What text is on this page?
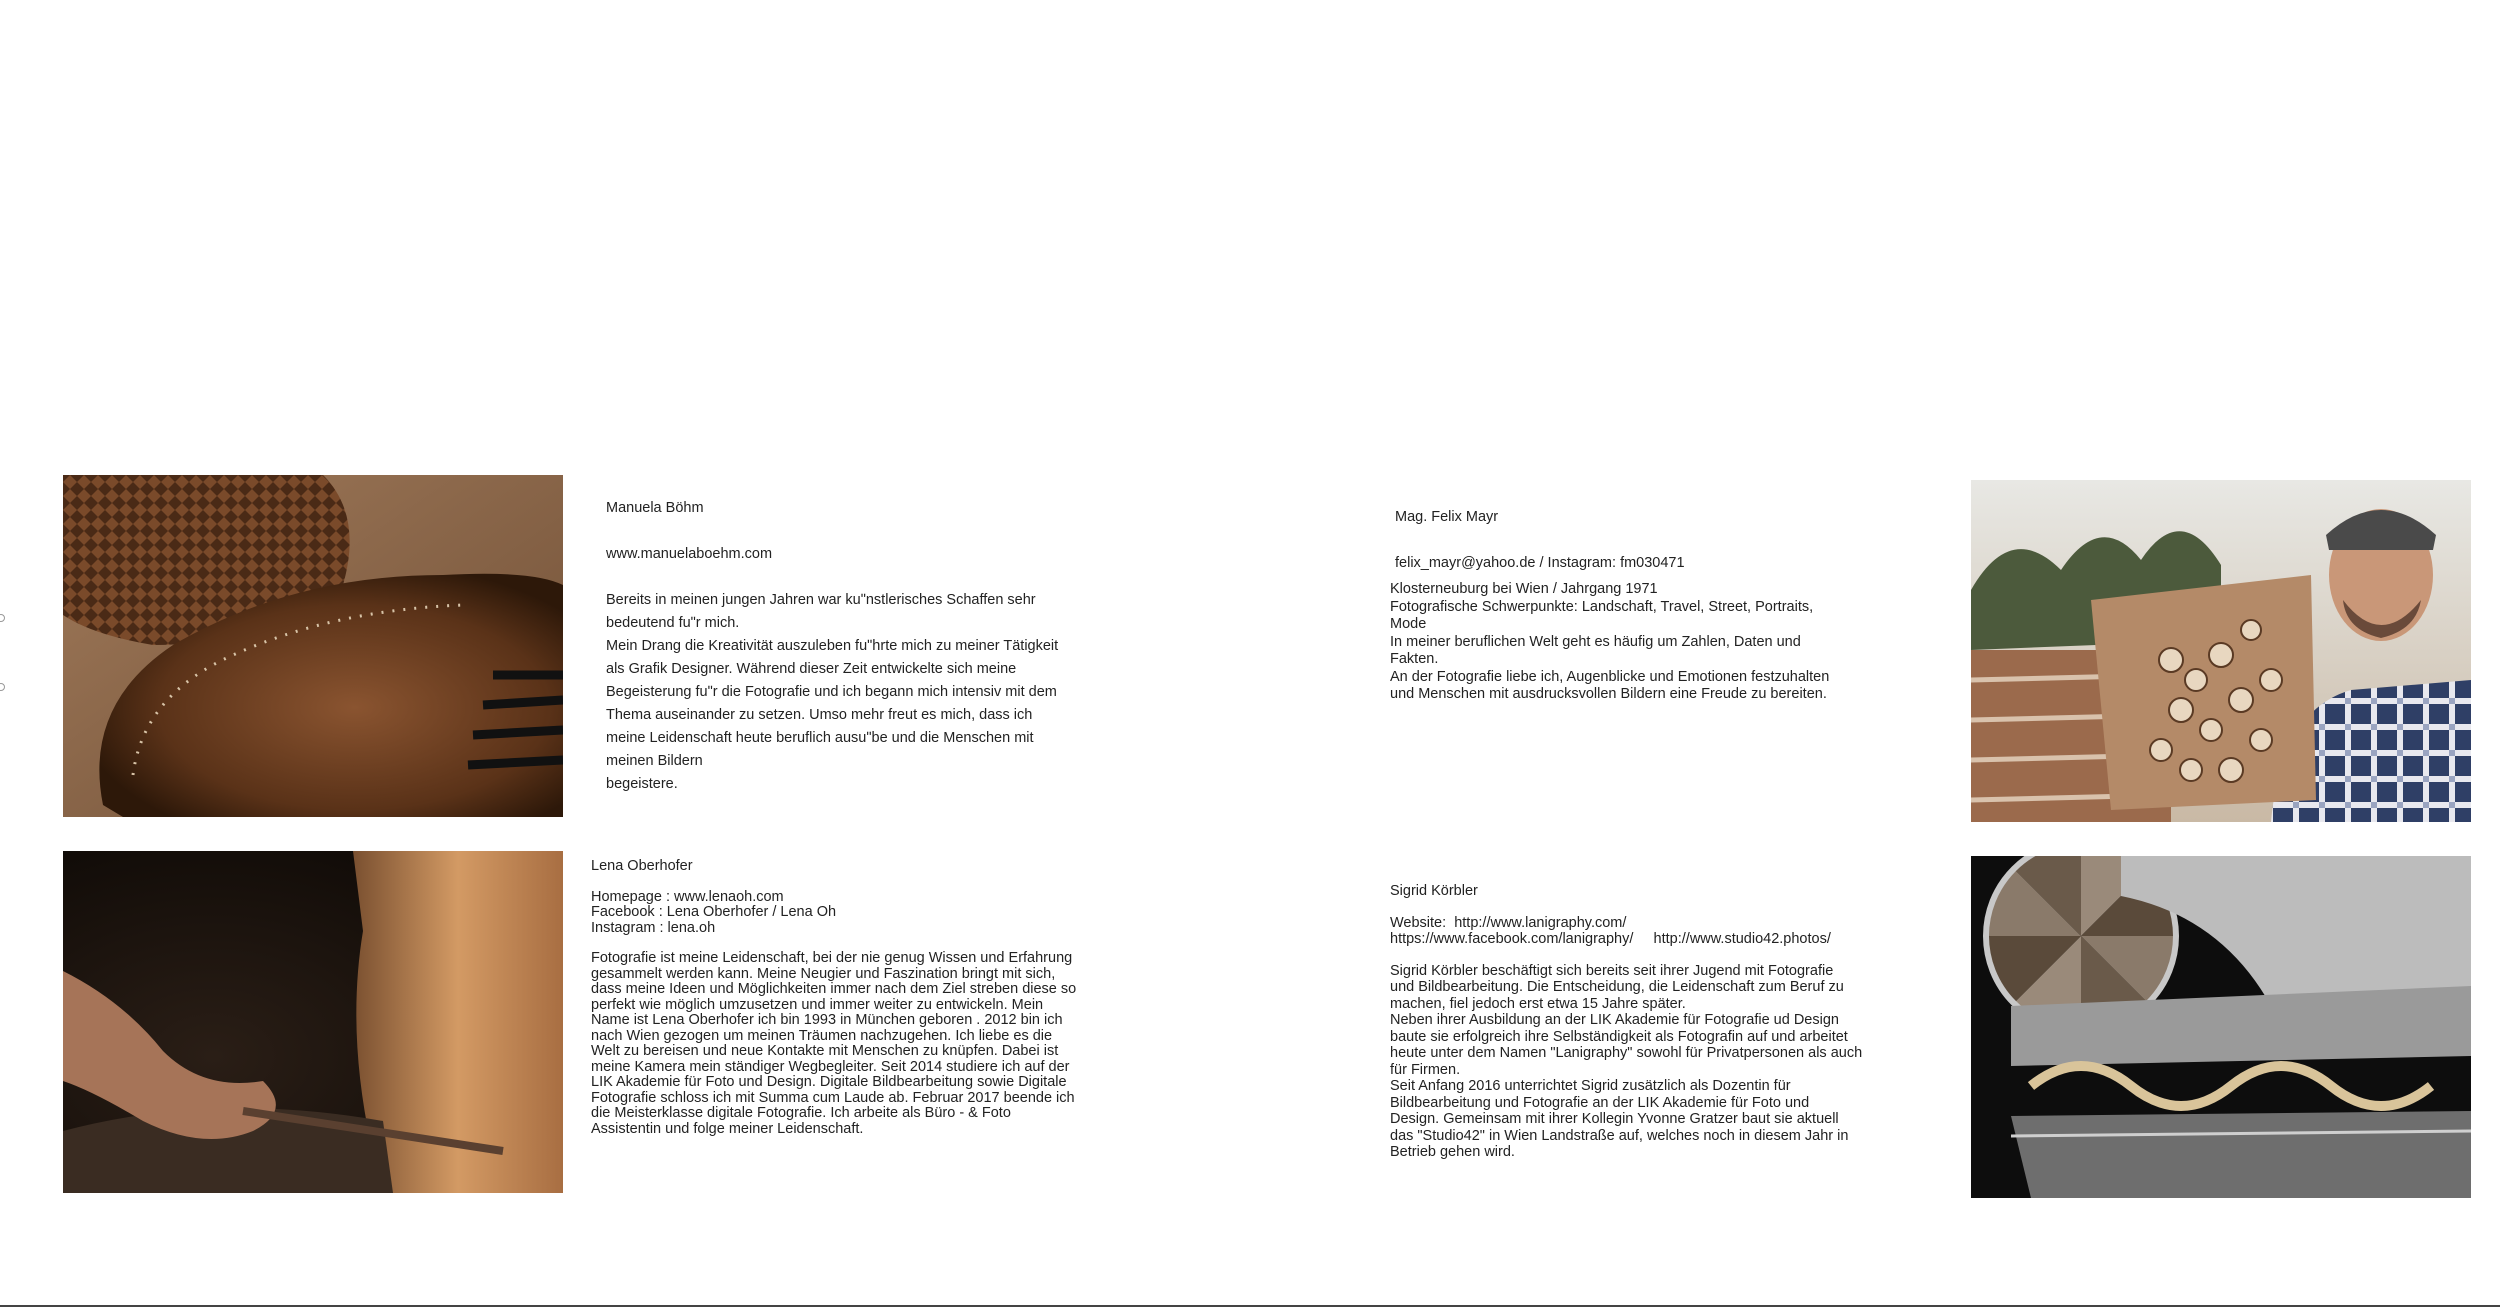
Manuela Böhm

www.manuelaboehm.com

Bereits in meinen jungen Jahren war kuʺnstlerisches Schaffen sehr

bedeutend fuʺr mich.

Mein Drang die Kreativität auszuleben fuʺhrte mich zu meiner Tätigkeit

als Grafik Designer. Während dieser Zeit entwickelte sich meine

Begeisterung fuʺr die Fotografie und ich begann mich intensiv mit dem

Thema auseinander zu setzen. Umso mehr freut es mich, dass ich

meine Leidenschaft heute beruflich ausuʺbe und die Menschen mit

meinen Bildern

begeistere.

Mag. Felix Mayr

felix_mayr@yahoo.de / Instagram: fm030471

Klosterneuburg bei Wien / Jahrgang 1971

Fotografische Schwerpunkte: Landschaft, Travel, Street, Portraits,

Mode

In meiner beruflichen Welt geht es häufig um Zahlen, Daten und

Fakten.

An der Fotografie liebe ich, Augenblicke und Emotionen festzuhalten

und Menschen mit ausdrucksvollen Bildern eine Freude zu bereiten.

Lena Oberhofer

Homepage : www.lenaoh.com

Facebook : Lena Oberhofer / Lena Oh

Instagram : lena.oh

Fotografie ist meine Leidenschaft, bei der nie genug Wissen und Erfahrung

gesammelt werden kann. Meine Neugier und Faszination bringt mit sich,

dass meine Ideen und Möglichkeiten immer nach dem Ziel streben diese so

perfekt wie möglich umzusetzen und immer weiter zu entwickeln. Mein

Name ist Lena Oberhofer ich bin 1993 in München geboren . 2012 bin ich

nach Wien gezogen um meinen Träumen nachzugehen. Ich liebe es die

Welt zu bereisen und neue Kontakte mit Menschen zu knüpfen. Dabei ist

meine Kamera mein ständiger Wegbegleiter. Seit 2014 studiere ich auf der

LIK Akademie für Foto und Design. Digitale Bildbearbeitung sowie Digitale

Fotografie schloss ich mit Summa cum Laude ab. Februar 2017 beende ich

die Meisterklasse digitale Fotografie. Ich arbeite als Büro - & Foto

Assistentin und folge meiner Leidenschaft.

Sigrid Körbler

Website:  http://www.lanigraphy.com/

https://www.facebook.com/lanigraphy/     http://www.studio42.photos/

Sigrid Körbler beschäftigt sich bereits seit ihrer Jugend mit Fotografie

und Bildbearbeitung. Die Entscheidung, die Leidenschaft zum Beruf zu

machen, fiel jedoch erst etwa 15 Jahre später.

Neben ihrer Ausbildung an der LIK Akademie für Fotografie ud Design

baute sie erfolgreich ihre Selbständigkeit als Fotografin auf und arbeitet

heute unter dem Namen "Lanigraphy" sowohl für Privatpersonen als auch

für Firmen.

Seit Anfang 2016 unterrichtet Sigrid zusätzlich als Dozentin für

Bildbearbeitung und Fotografie an der LIK Akademie für Foto und

Design. Gemeinsam mit ihrer Kollegin Yvonne Gratzer baut sie aktuell

das "Studio42" in Wien Landstraße auf, welches noch in diesem Jahr in

Betrieb gehen wird.
